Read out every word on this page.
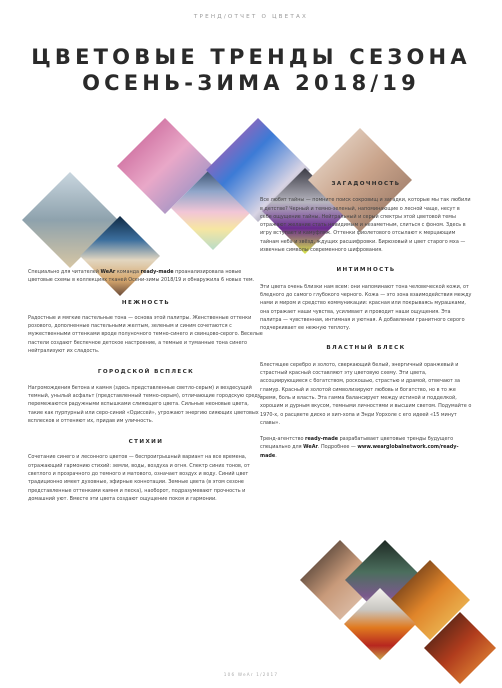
ТРЕНД/ОТЧЕТ О ЦВЕТАХ
ЦВЕТОВЫЕ ТРЕНДЫ СЕЗОНА
ОСЕНЬ-ЗИМА 2018/19

Специально для читателей WeAr команда ready-made проанализировала новые цветовые схемы в коллекциях тканей Осени-зимы 2018/19 и обнаружила 6 новых тем.

НЕЖНОСТЬ

Радостные и мягкие пастельные тона — основа этой палитры. Женственные оттенки розового, дополненные пастельными желтым, зеленым и синим сочетаются с мужественными оттенками вроде полуночного темно-синего и свинцово-серого. Веселые пастели создают беспечное детское настроение, а темные и туманные тона синего нейтрализуют их сладость.

ГОРОДСКОЙ ВСПЛЕСК

Нагромождения бетона и камня (здесь представленные светло-серым) и вездесущий темный, унылый асфальт (представленный темно-серым), отличающие городскую среду, перемежаются радужными вспышками слияющего цвета. Сильные неоновые цвета, такие как пурпурный или серо-синий «Одиссей», угрожают энергию сияющих цветовых всплесков и оттеняют их, придав им уличность.

СТИХИИ

Сочетание синего и лесонного цветов — беспроигрышный вариант на все времена, отражающий гармонию стихий: земли, воды, воздуха и огня. Спектр синих тонов, от светлого и прозрачного до темного и матового, означает воздух и воду. Синий цвет традиционно имеет духовные, эфирные коннотации. Земные цвета (в этом сезоне представленные оттенками камня и песка), наоборот, подразумевают прочность и домашний уют. Вместе эти цвета создают ощущение покоя и гармонии.

ЗАГАДОЧНОСТЬ

Все любят тайны — помните поиск сокровищ и загадки, которые мы так любили в детстве? Черный и темно-зеленый, напоминающие о лесной чаще, несут в себе ощущение тайны. Нейтральный и серый спектры этой цветовой темы отражают желание стать невидимым и незаметным, слиться с фоном. Здесь в игру вступает и камуфляж. Оттенки фиолетового отсылают к мерцающим тайнам неба и звёзд, ждущих расшифровки. Бирюзовый и цвет старого мха — извечные символы современного шифрования.

ИНТИМНОСТЬ

Эти цвета очень близки нам всем: они напоминают тона человеческой кожи, от бледного до самого глубокого черного. Кожа — это зона взаимодействия между нами и миром и средство коммуникации: красная или покрываясь мурашками, она отражает наши чувства, усиливает и проводит наши ощущения. Эта палитра — чувственная, интимная и уютная. А добавлении гранитного серого подчеркивает ее нежную теплоту.

ВЛАСТНЫЙ БЛЕСК

Блестящее серебро и золото, сверкающий белый, энергичный оранжевый и страстный красный составляют эту цветовую схему. Эти цвета, ассоциирующиеся с богатством, роскошью, страстью и драмой, отвечают за гламур. Красный и золотой символизируют любовь и богатство, но в то же время, боль и власть. Эта гамма балансирует между истиной и подделкой, хорошим и дурным вкусом, темными личностями и высшим светом. Подумайте о 1970-х, о расцвете диско и хип-хопа и Энди Уорхоле с его идеей «15 минут славы».

Тренд-агентство ready-made разрабатывает цветовые тренды будущего специально для WeAr. Подробнее — www.weargl​obalnetwork.com/ready-made.

106 WeAr 1/2017
